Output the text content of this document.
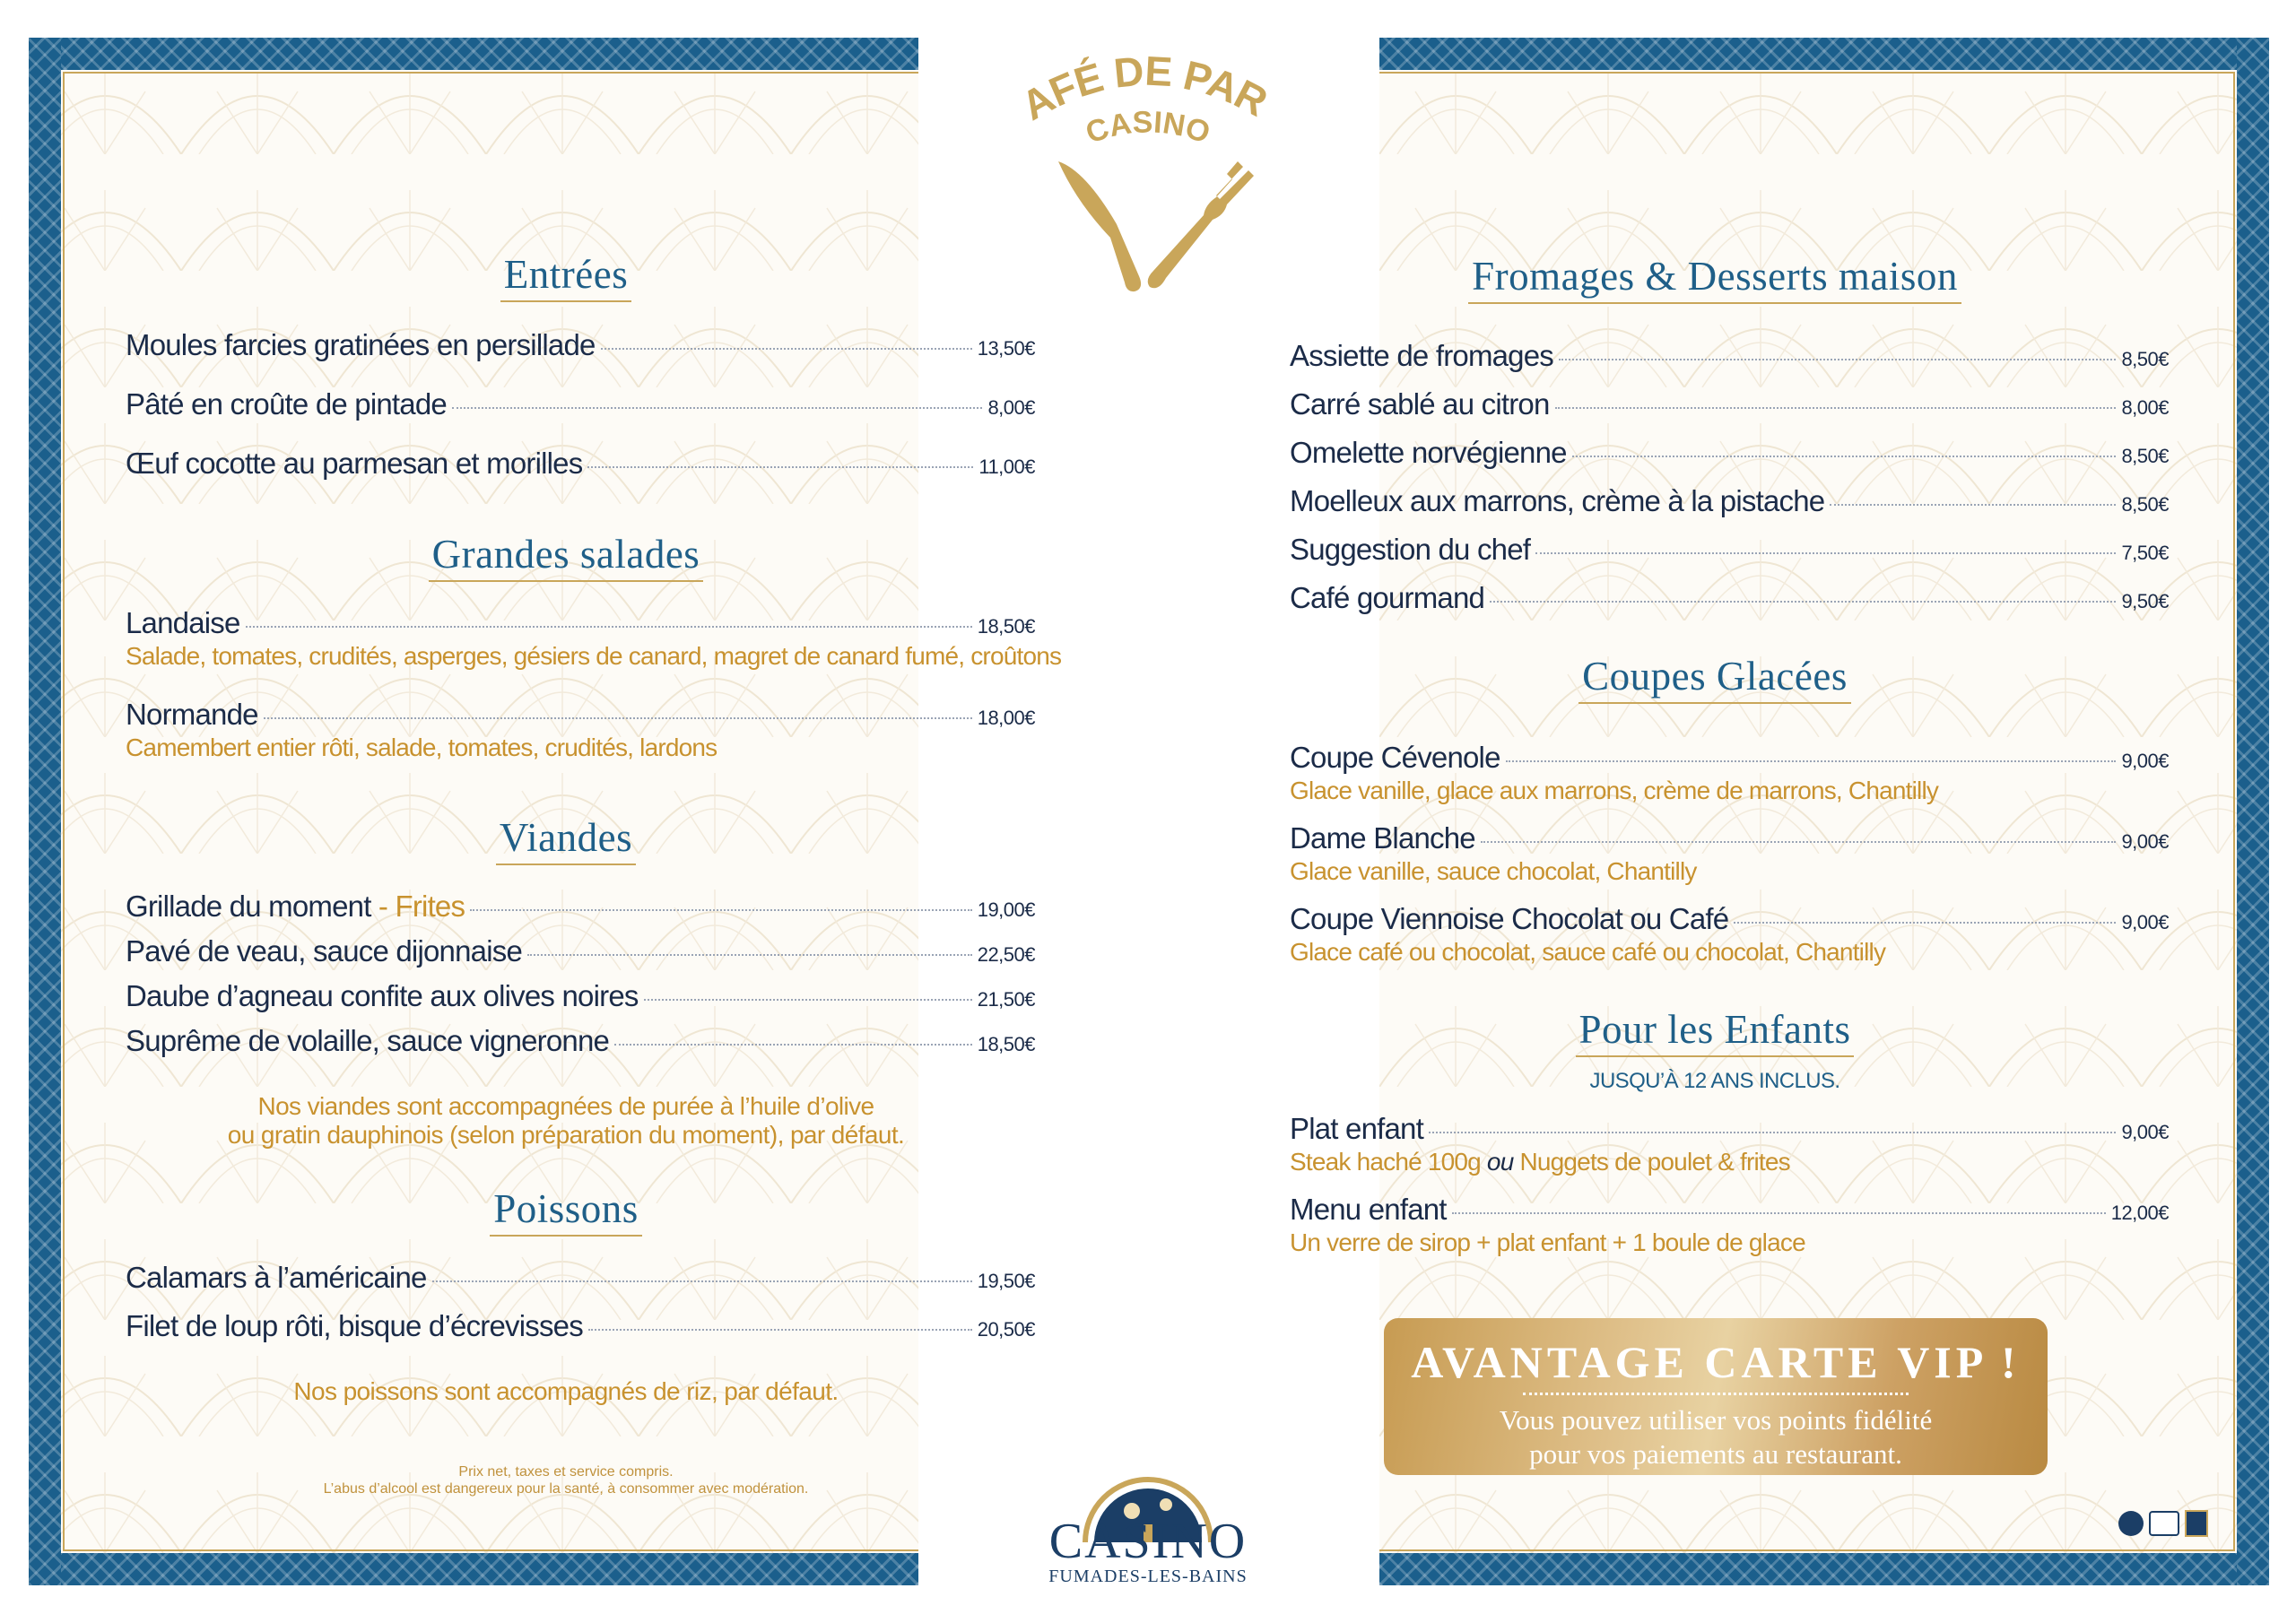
AFÉ DE PAR
CASINO
Entrées
Moules farcies gratinées en persillade	13,50€
Pâté en croûte de pintade	8,00€
Œuf cocotte au parmesan et morilles	11,00€
Grandes salades
Landaise	18,50€
Salade, tomates, crudités, asperges, gésiers de canard, magret de canard fumé, croûtons
Normande	18,00€
Camembert entier rôti, salade, tomates, crudités, lardons
Viandes
Grillade du moment - Frites	19,00€
Pavé de veau, sauce dijonnaise	22,50€
Daube d’agneau confite aux olives noires	21,50€
Suprême de volaille, sauce vigneronne	18,50€
Nos viandes sont accompagnées de purée à l’huile d’olive
ou gratin dauphinois (selon préparation du moment), par défaut.
Poissons
Calamars à l’américaine	19,50€
Filet de loup rôti, bisque d’écrevisses	20,50€
Nos poissons sont accompagnés de riz, par défaut.
Prix net, taxes et service compris.
L’abus d’alcool est dangereux pour la santé, à consommer avec modération.
Fromages & Desserts maison
Assiette de fromages	8,50€
Carré sablé au citron	8,00€
Omelette norvégienne	8,50€
Moelleux aux marrons, crème à la pistache	8,50€
Suggestion du chef	7,50€
Café gourmand	9,50€
Coupes Glacées
Coupe Cévenole	9,00€
Glace vanille, glace aux marrons, crème de marrons, Chantilly
Dame Blanche	9,00€
Glace vanille, sauce chocolat, Chantilly
Coupe Viennoise Chocolat ou Café	9,00€
Glace café ou chocolat, sauce café ou chocolat, Chantilly
Pour les Enfants
JUSQU’À 12 ANS INCLUS.
Plat enfant	9,00€
Steak haché 100g ou Nuggets de poulet & frites
Menu enfant	12,00€
Un verre de sirop + plat enfant + 1 boule de glace
AVANTAGE CARTE VIP !
Vous pouvez utiliser vos points fidélité
pour vos paiements au restaurant.
CASINO
FUMADES-LES-BAINS
